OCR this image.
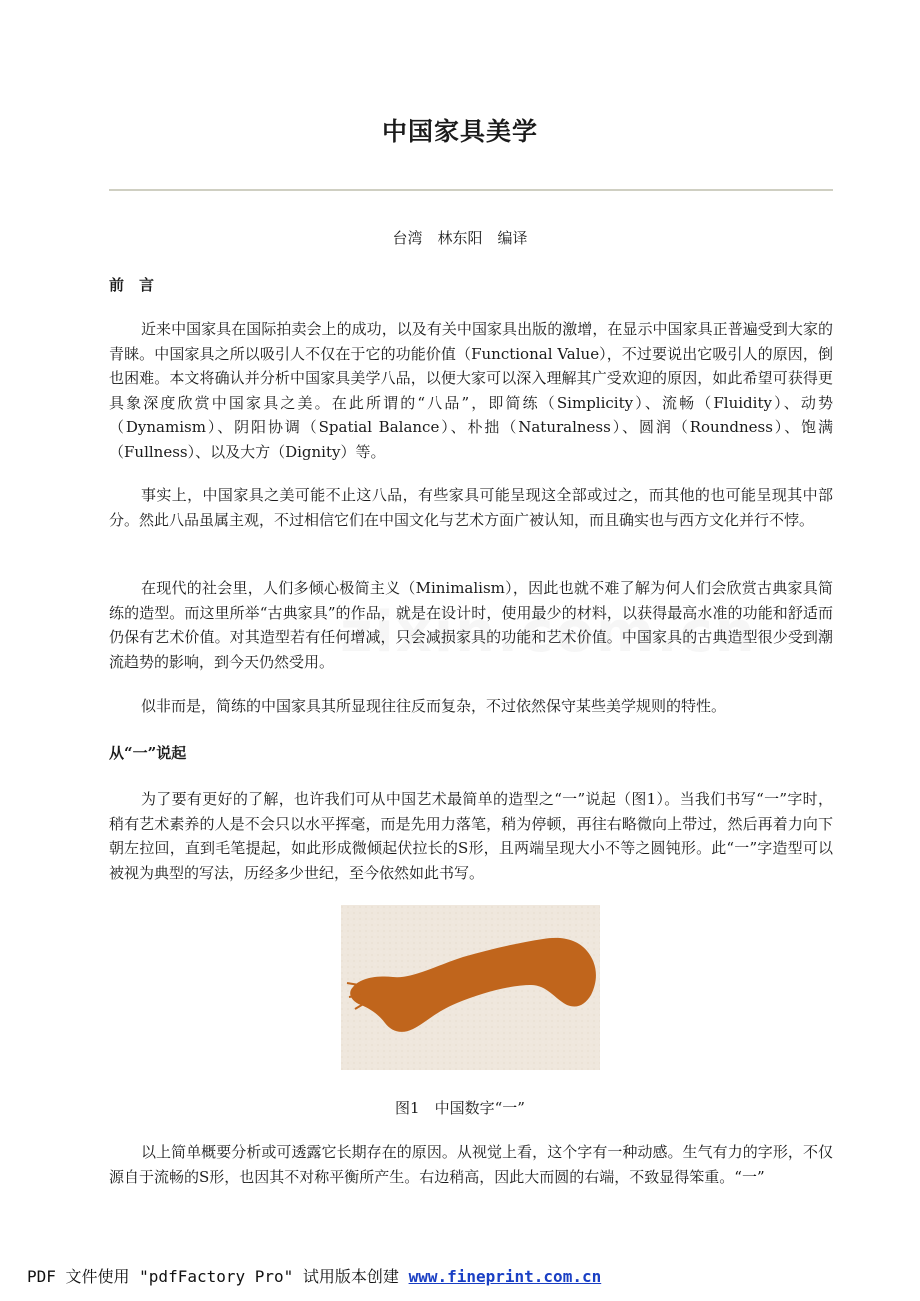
中国家具美学
台湾　林东阳　编译
前　言
近来中国家具在国际拍卖会上的成功，以及有关中国家具出版的激增，在显示中国家具正普遍受到大家的青睐。中国家具之所以吸引人不仅在于它的功能价值（Functional Value），不过要说出它吸引人的原因，倒也困难。本文将确认并分析中国家具美学八品，以便大家可以深入理解其广受欢迎的原因，如此希望可获得更具象深度欣赏中国家具之美。在此所谓的“八品”，即简练（Simplicity）、流畅（Fluidity）、动势（Dynamism）、阴阳协调（Spatial Balance）、朴拙（Naturalness）、圆润（Roundness）、饱满（Fullness）、以及大方（Dignity）等。
事实上，中国家具之美可能不止这八品，有些家具可能呈现这全部或过之，而其他的也可能呈现其中部分。然此八品虽属主观，不过相信它们在中国文化与艺术方面广被认知，而且确实也与西方文化并行不悖。
在现代的社会里，人们多倾心极简主义（Minimalism），因此也就不难了解为何人们会欣赏古典家具简练的造型。而这里所举“古典家具”的作品，就是在设计时，使用最少的材料，以获得最高水准的功能和舒适而仍保有艺术价值。对其造型若有任何增减，只会减损家具的功能和艺术价值。中国家具的古典造型很少受到潮流趋势的影响，到今天仍然受用。
似非而是，简练的中国家具其所显现往往反而复杂，不过依然保守某些美学规则的特性。
从“一”说起
为了要有更好的了解，也许我们可从中国艺术最简单的造型之“一”说起（图1）。当我们书写“一”字时，稍有艺术素养的人是不会只以水平挥毫，而是先用力落笔，稍为停顿，再往右略微向上带过，然后再着力向下朝左拉回，直到毛笔提起，如此形成微倾起伏拉长的S形，且两端呈现大小不等之圆钝形。此“一”字造型可以被视为典型的写法，历经多少世纪，至今依然如此书写。
图1　中国数字“一”
以上简单概要分析或可透露它长期存在的原因。从视觉上看，这个字有一种动感。生气有力的字形，不仅源自于流畅的S形，也因其不对称平衡所产生。右边稍高，因此大而圆的右端，不致显得笨重。“一”
PDF 文件使用 "pdfFactory Pro" 试用版本创建 www.fineprint.com.cn
